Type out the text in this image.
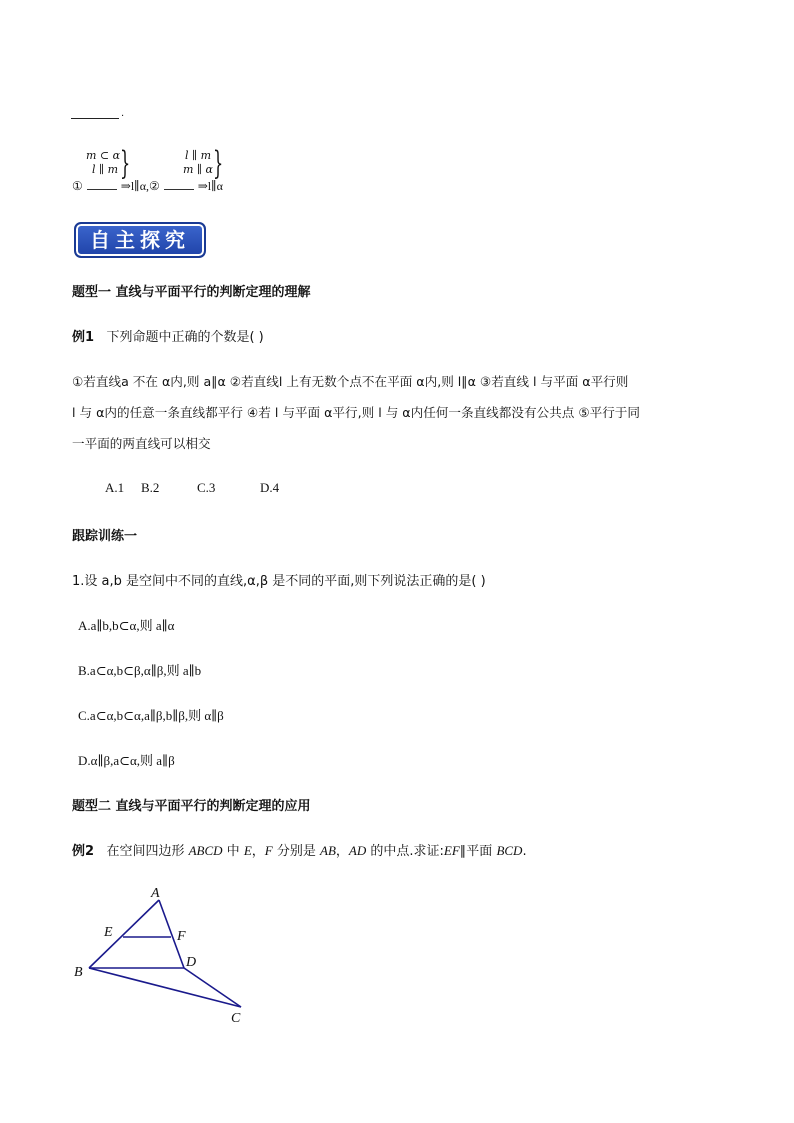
.
m ⊂ α
l ∥ m }	l ∥ m
m ∥ α }
①	⇒l∥α,②	⇒l∥α
自主探究
题型一 直线与平面平行的判断定理的理解
例1 下列命题中正确的个数是( )
①若直线a 不在 α内,则 a∥α ②若直线l 上有无数个点不在平面 α内,则 l∥α ③若直线 l 与平面 α平行则
l 与 α内的任意一条直线都平行 ④若 l 与平面 α平行,则 l 与 α内任何一条直线都没有公共点 ⑤平行于同
一平面的两直线可以相交
A.1 B.2	C.3	D.4
跟踪训练一
1.设 a,b 是空间中不同的直线,α,β 是不同的平面,则下列说法正确的是( )
A.a∥b,b⊂α,则 a∥α
B.a⊂α,b⊂β,α∥β,则 a∥b
C.a⊂α,b⊂α,a∥β,b∥β,则 α∥β
D.α∥β,a⊂α,则 a∥β
题型二 直线与平面平行的判断定理的应用
例2 在空间四边形 ABCD 中 E，F 分别是 AB，AD 的中点.求证:EF∥平面 BCD.
A
B
C
D
E	F
